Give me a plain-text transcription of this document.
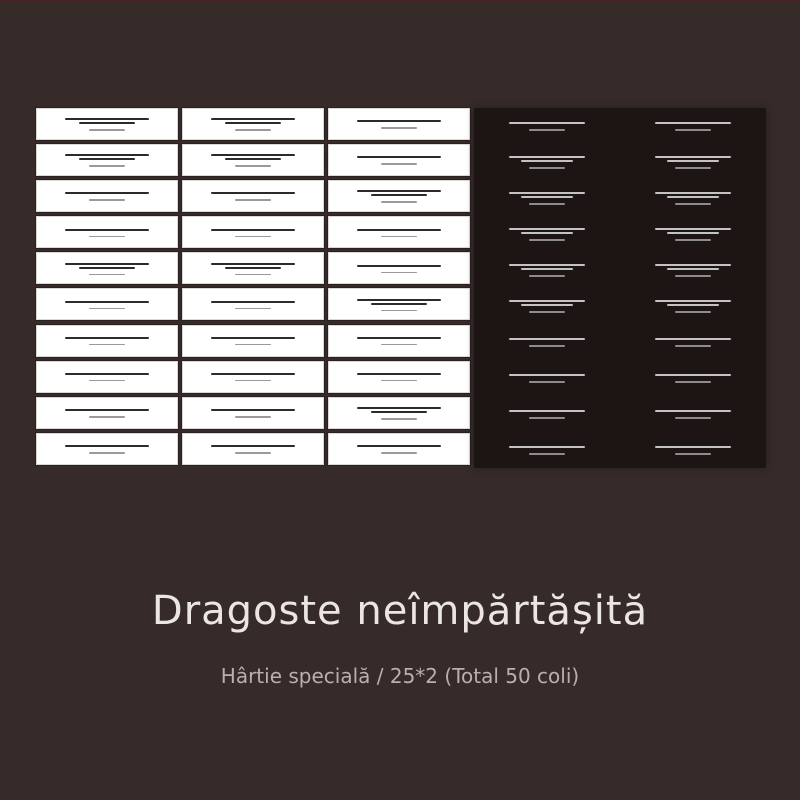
Dragoste neîmpărtășită
Hârtie specială / 25*2 (Total 50 coli)
